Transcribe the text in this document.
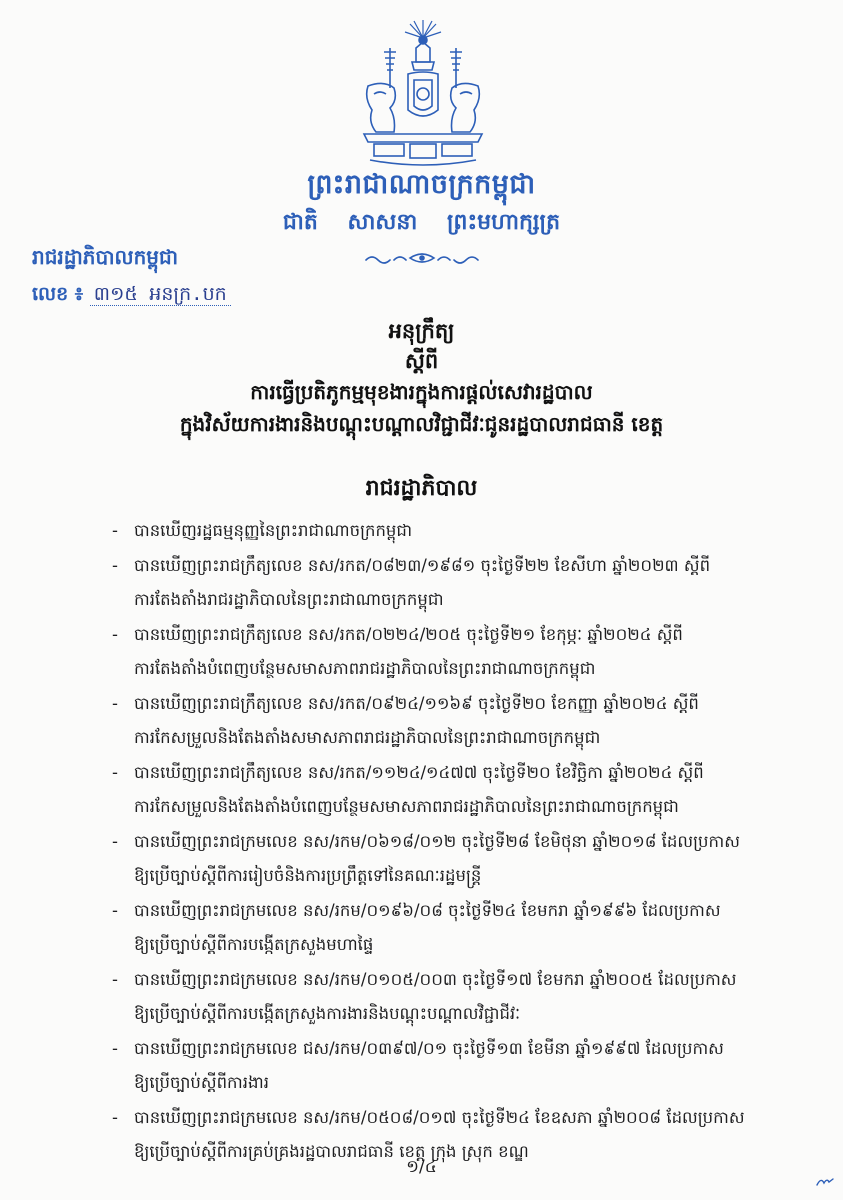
ព្រះរាជាណាចក្រកម្ពុជា
ជាតិ សាសនា ព្រះមហាក្សត្រ
រាជរដ្ឋាភិបាលកម្ពុជា
លេខ ៖ ៣១៥ អនក្រ.បក
អនុក្រឹត្យ
ស្តីពី
ការធ្វើប្រតិភូកម្មមុខងារក្នុងការផ្តល់សេវារដ្ឋបាល
ក្នុងវិស័យការងារនិងបណ្តុះបណ្តាលវិជ្ជាជីវៈជូនរដ្ឋបាលរាជធានី ខេត្ត
រាជរដ្ឋាភិបាល
- បានឃើញរដ្ឋធម្មនុញ្ញនៃព្រះរាជាណាចក្រកម្ពុជា
- បានឃើញព្រះរាជក្រឹត្យលេខ នស/រកត/០៨២៣/១៩៨១ ចុះថ្ងៃទី២២ ខែសីហា ឆ្នាំ២០២៣ ស្តីពី
ការតែងតាំងរាជរដ្ឋាភិបាលនៃព្រះរាជាណាចក្រកម្ពុជា
- បានឃើញព្រះរាជក្រឹត្យលេខ នស/រកត/០២២៤/២០៥ ចុះថ្ងៃទី២១ ខែកុម្ភៈ ឆ្នាំ២០២៤ ស្តីពី
ការតែងតាំងបំពេញបន្ថែមសមាសភាពរាជរដ្ឋាភិបាលនៃព្រះរាជាណាចក្រកម្ពុជា
- បានឃើញព្រះរាជក្រឹត្យលេខ នស/រកត/០៩២៤/១១៦៩ ចុះថ្ងៃទី២០ ខែកញ្ញា ឆ្នាំ២០២៤ ស្តីពី
ការកែសម្រួលនិងតែងតាំងសមាសភាពរាជរដ្ឋាភិបាលនៃព្រះរាជាណាចក្រកម្ពុជា
- បានឃើញព្រះរាជក្រឹត្យលេខ នស/រកត/១១២៤/១៤៧៧ ចុះថ្ងៃទី២០ ខែវិច្ឆិកា ឆ្នាំ២០២៤ ស្តីពី
ការកែសម្រួលនិងតែងតាំងបំពេញបន្ថែមសមាសភាពរាជរដ្ឋាភិបាលនៃព្រះរាជាណាចក្រកម្ពុជា
- បានឃើញព្រះរាជក្រមលេខ នស/រកម/០៦១៨/០១២ ចុះថ្ងៃទី២៨ ខែមិថុនា ឆ្នាំ២០១៨ ដែលប្រកាស
ឱ្យប្រើច្បាប់ស្តីពីការរៀបចំនិងការប្រព្រឹត្តទៅនៃគណៈរដ្ឋមន្ត្រី
- បានឃើញព្រះរាជក្រមលេខ នស/រកម/០១៩៦/០៨ ចុះថ្ងៃទី២៤ ខែមករា ឆ្នាំ១៩៩៦ ដែលប្រកាស
ឱ្យប្រើច្បាប់ស្តីពីការបង្កើតក្រសួងមហាផ្ទៃ
- បានឃើញព្រះរាជក្រមលេខ នស/រកម/០១០៥/០០៣ ចុះថ្ងៃទី១៧ ខែមករា ឆ្នាំ២០០៥ ដែលប្រកាស
ឱ្យប្រើច្បាប់ស្តីពីការបង្កើតក្រសួងការងារនិងបណ្តុះបណ្តាលវិជ្ជាជីវៈ
- បានឃើញព្រះរាជក្រមលេខ ជស/រកម/០៣៩៧/០១ ចុះថ្ងៃទី១៣ ខែមីនា ឆ្នាំ១៩៩៧ ដែលប្រកាស
ឱ្យប្រើច្បាប់ស្តីពីការងារ
- បានឃើញព្រះរាជក្រមលេខ នស/រកម/០៥០៨/០១៧ ចុះថ្ងៃទី២៤ ខែឧសភា ឆ្នាំ២០០៨ ដែលប្រកាស
ឱ្យប្រើច្បាប់ស្តីពីការគ្រប់គ្រងរដ្ឋបាលរាជធានី ខេត្ត ក្រុង ស្រុក ខណ្ឌ
១/៤
